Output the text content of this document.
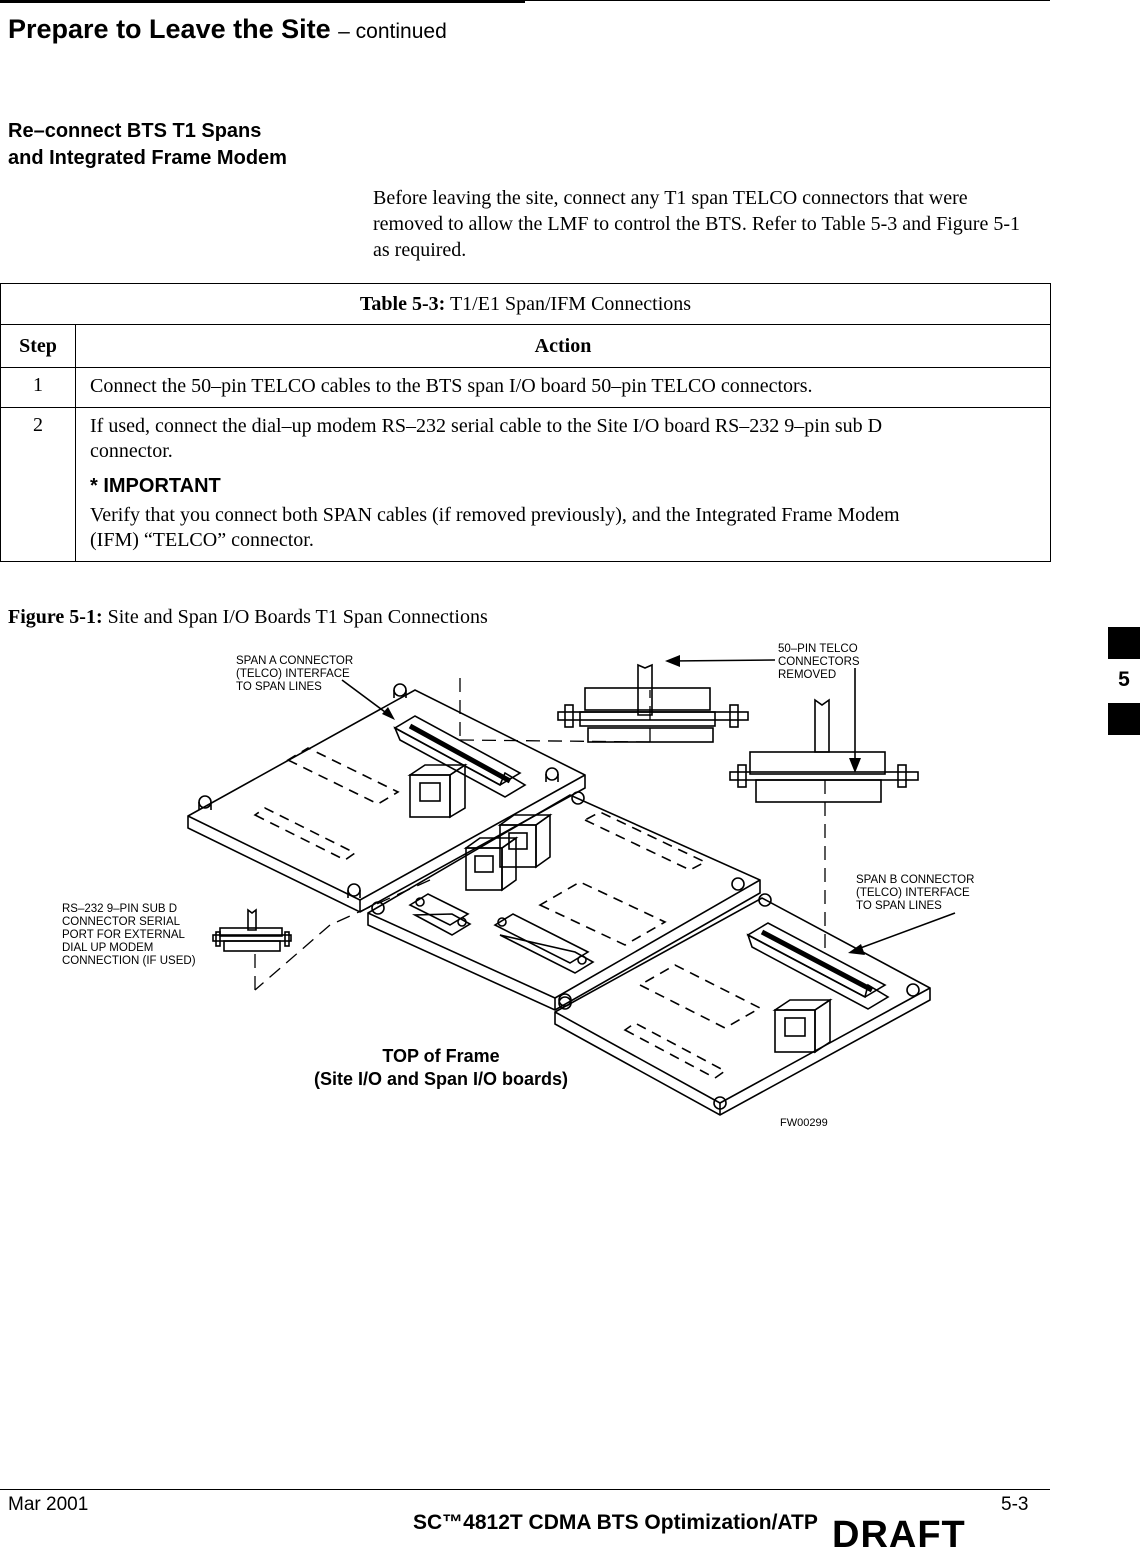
Prepare to Leave the Site – continued
Re–connect BTS T1 Spans
and Integrated Frame Modem
Before leaving the site, connect any T1 span TELCO connectors that were removed to allow the LMF to control the BTS. Refer to Table 5-3 and Figure 5-1 as required.
Table 5-3: T1/E1 Span/IFM Connections	
Step	Action
1	Connect the 50–pin TELCO cables to the BTS span I/O board 50–pin TELCO connectors.
2	If used, connect the dial–up modem RS–232 serial cable to the Site I/O board RS–232 9–pin sub D connector.
* IMPORTANT
Verify that you connect both SPAN cables (if removed previously), and the Integrated Frame Modem (IFM) “TELCO” connector.
Figure 5-1: Site and Span I/O Boards T1 Span Connections
SPAN A CONNECTOR (TELCO) INTERFACE TO SPAN LINES
50–PIN TELCO CONNECTORS REMOVED
SPAN B CONNECTOR (TELCO) INTERFACE TO SPAN LINES
RS–232 9–PIN SUB D CONNECTOR SERIAL PORT FOR EXTERNAL DIAL UP MODEM CONNECTION (IF USED)
TOP of Frame
(Site I/O and Span I/O boards)
FW00299
5
Mar 2001
SC™4812T CDMA BTS Optimization/ATP
5-3
DRAFT
